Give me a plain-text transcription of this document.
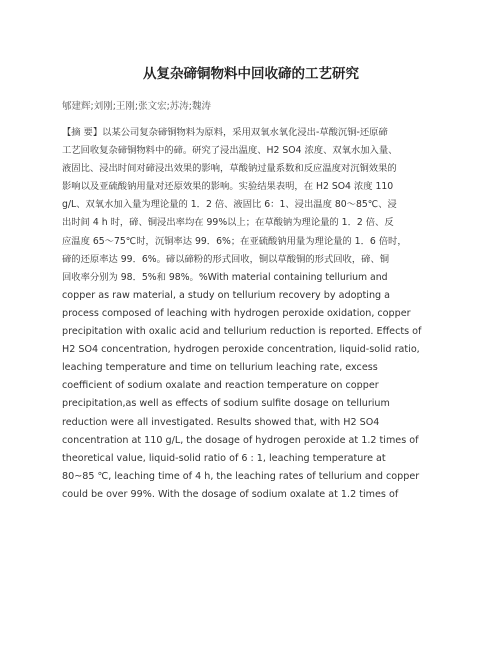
从复杂碲铜物料中回收碲的工艺研究
郇建辉;刘刚;王刚;张文宏;苏涛;魏涛
【摘 要】以某公司复杂碲铜物料为原料，采用双氧水氧化浸出-草酸沉铜-还原碲
工艺回收复杂碲铜物料中的碲。研究了浸出温度、H2 SO4 浓度、双氧水加入量、
液固比、浸出时间对碲浸出效果的影响，草酸钠过量系数和反应温度对沉铜效果的
影响以及亚硫酸钠用量对还原效果的影响。实验结果表明，在 H2 SO4 浓度 110
g/L、双氧水加入量为理论量的 1．2 倍、液固比 6：1、浸出温度 80～85℃、浸
出时间 4 h 时，碲、铜浸出率均在 99%以上；在草酸钠为理论量的 1．2 倍、反
应温度 65～75℃时，沉铜率达 99．6%；在亚硫酸钠用量为理论量的 1．6 倍时，
碲的还原率达 99．6%。碲以碲粉的形式回收，铜以草酸铜的形式回收，碲、铜
回收率分别为 98．5%和 98%。%With material containing tellurium and
copper as raw material, a study on tellurium recovery by adopting a
process composed of leaching with hydrogen peroxide oxidation, copper
precipitation with oxalic acid and tellurium reduction is reported. Effects of
H2 SO4 concentration, hydrogen peroxide concentration, liquid-solid ratio,
leaching temperature and time on tellurium leaching rate, excess
coefficient of sodium oxalate and reaction temperature on copper
precipitation,as well as effects of sodium sulfite dosage on tellurium
reduction were all investigated. Results showed that, with H2 SO4
concentration at 110 g/L, the dosage of hydrogen peroxide at 1.2 times of
theoretical value, liquid-solid ratio of 6 : 1, leaching temperature at
80~85 ℃, leaching time of 4 h, the leaching rates of tellurium and copper
could be over 99%. With the dosage of sodium oxalate at 1.2 times of
